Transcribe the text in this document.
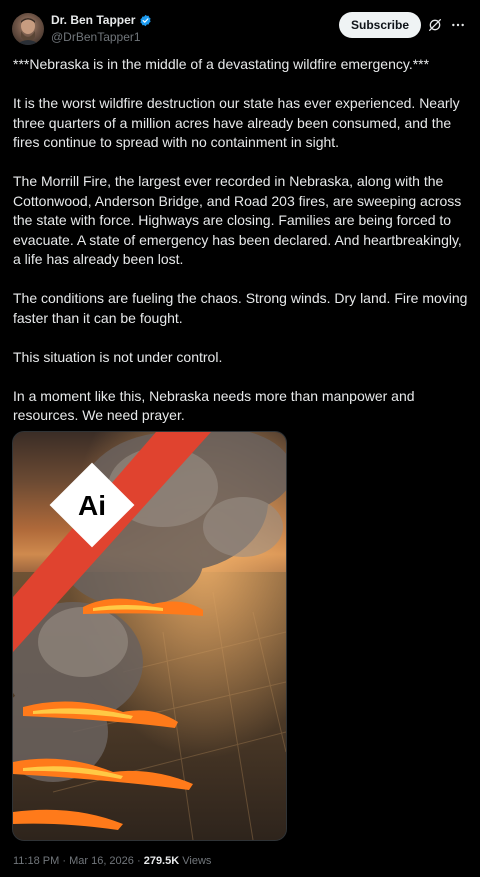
Dr. Ben Tapper
@DrBenTapper1
Subscribe

***Nebraska is in the middle of a devastating wildfire emergency.***

It is the worst wildfire destruction our state has ever experienced. Nearly three quarters of a million acres have already been consumed, and the fires continue to spread with no containment in sight.

The Morrill Fire, the largest ever recorded in Nebraska, along with the Cottonwood, Anderson Bridge, and Road 203 fires, are sweeping across the state with force. Highways are closing. Families are being forced to evacuate. A state of emergency has been declared. And heartbreakingly, a life has already been lost.

The conditions are fueling the chaos. Strong winds. Dry land. Fire moving faster than it can be fought.

This situation is not under control.

In a moment like this, Nebraska needs more than manpower and resources. We need prayer.

Ai
11:18 PM · Mar 16, 2026 · 279.5K Views
